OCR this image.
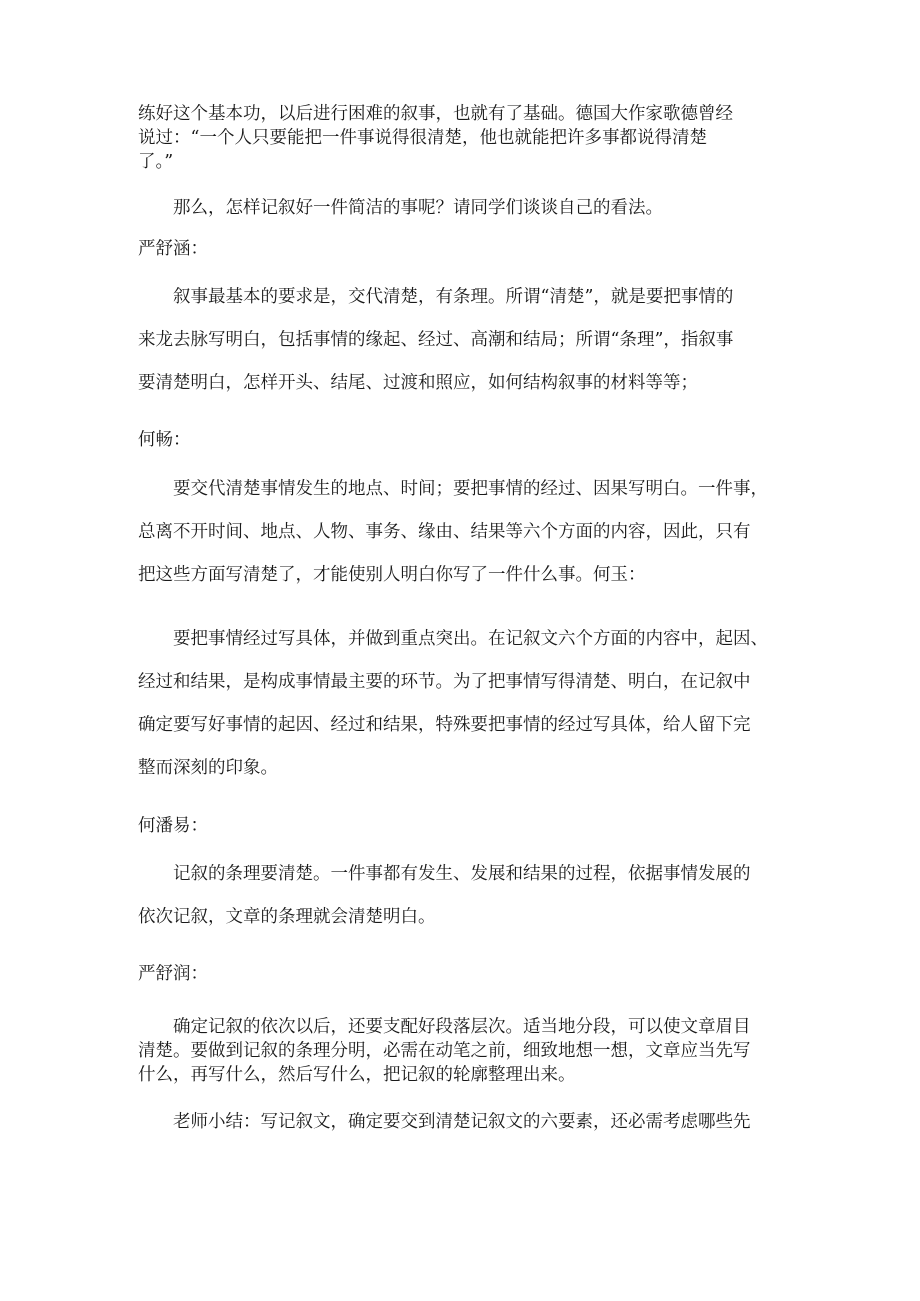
练好这个基本功，以后进行困难的叙事，也就有了基础。德国大作家歌德曾经
说过：“一个人只要能把一件事说得很清楚，他也就能把许多事都说得清楚
了。”

　　那么，怎样记叙好一件简洁的事呢？请同学们谈谈自己的看法。

严舒涵：

　　叙事最基本的要求是，交代清楚，有条理。所谓“清楚”，就是要把事情的
来龙去脉写明白，包括事情的缘起、经过、高潮和结局；所谓“条理”，指叙事
要清楚明白，怎样开头、结尾、过渡和照应，如何结构叙事的材料等等；

何畅：

　　要交代清楚事情发生的地点、时间；要把事情的经过、因果写明白。一件事，
总离不开时间、地点、人物、事务、缘由、结果等六个方面的内容，因此，只有
把这些方面写清楚了，才能使别人明白你写了一件什么事。何玉：

　　要把事情经过写具体，并做到重点突出。在记叙文六个方面的内容中，起因、
经过和结果，是构成事情最主要的环节。为了把事情写得清楚、明白，在记叙中
确定要写好事情的起因、经过和结果，特殊要把事情的经过写具体，给人留下完
整而深刻的印象。

何潘易：

　　记叙的条理要清楚。一件事都有发生、发展和结果的过程，依据事情发展的
依次记叙，文章的条理就会清楚明白。

严舒润：

　　确定记叙的依次以后，还要支配好段落层次。适当地分段，可以使文章眉目
清楚。要做到记叙的条理分明，必需在动笔之前，细致地想一想，文章应当先写
什么，再写什么，然后写什么，把记叙的轮廓整理出来。

　　老师小结：写记叙文，确定要交到清楚记叙文的六要素，还必需考虑哪些先
